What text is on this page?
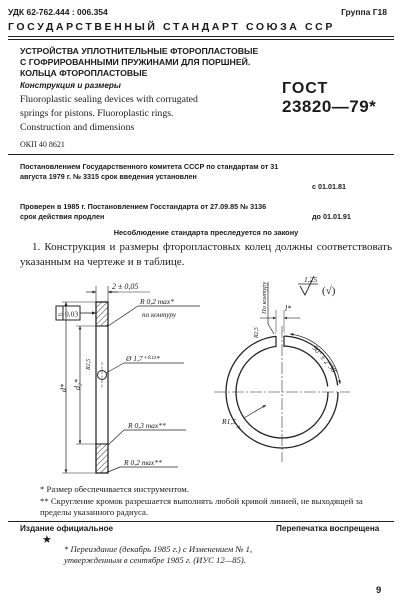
УДК 62-762.444 : 006.354	Группа Г18
ГОСУДАРСТВЕННЫЙ СТАНДАРТ СОЮЗА ССР
УСТРОЙСТВА УПЛОТНИТЕЛЬНЫЕ ФТОРОПЛАСТОВЫЕ
С ГОФРИРОВАННЫМИ ПРУЖИНАМИ ДЛЯ ПОРШНЕЙ.
КОЛЬЦА ФТОРОПЛАСТОВЫЕ
Конструкция и размеры
Fluoroplastic sealing devices with corrugated
springs for pistons. Fluoroplastic rings.
Construction and dimensions
ГОСТ
23820—79*
ОКП 40 8621
Постановлением Государственного комитета СССР по стандартам от 31 августа 1979 г. № 3315 срок введения установлен
с 01.01.81
Проверен в 1985 г. Постановлением Госстандарта от 27.09.85 № 3136 срок действия продлен	до 01.01.91
Несоблюдение стандарта преследуется по закону
1. Конструкция и размеры фторопластовых колец должны соответствовать указанным на чертеже и в таблице.
▱ 0,03
2 ± 0,05
R2,5
R 0,2 max*
по контуру
Ø 1,7⁺⁰·¹²*
d* d₂*
R 0,3 max**
R 0,2 max**
1,25
(√)
l*
По контуру
R2,5
90° ± 2°30'
R1,5
-1
* Размер обеспечивается инструментом.
** Скругление кромок разрешается выполнять любой кривой линией, не выходящей за пределы указанного радиуса.
Издание официальное	Перепечатка воспрещена
★
* Переиздание (декабрь 1985 г.) с Изменением № 1,
утвержденным в сентябре 1985 г. (ИУС 12—85).
9
